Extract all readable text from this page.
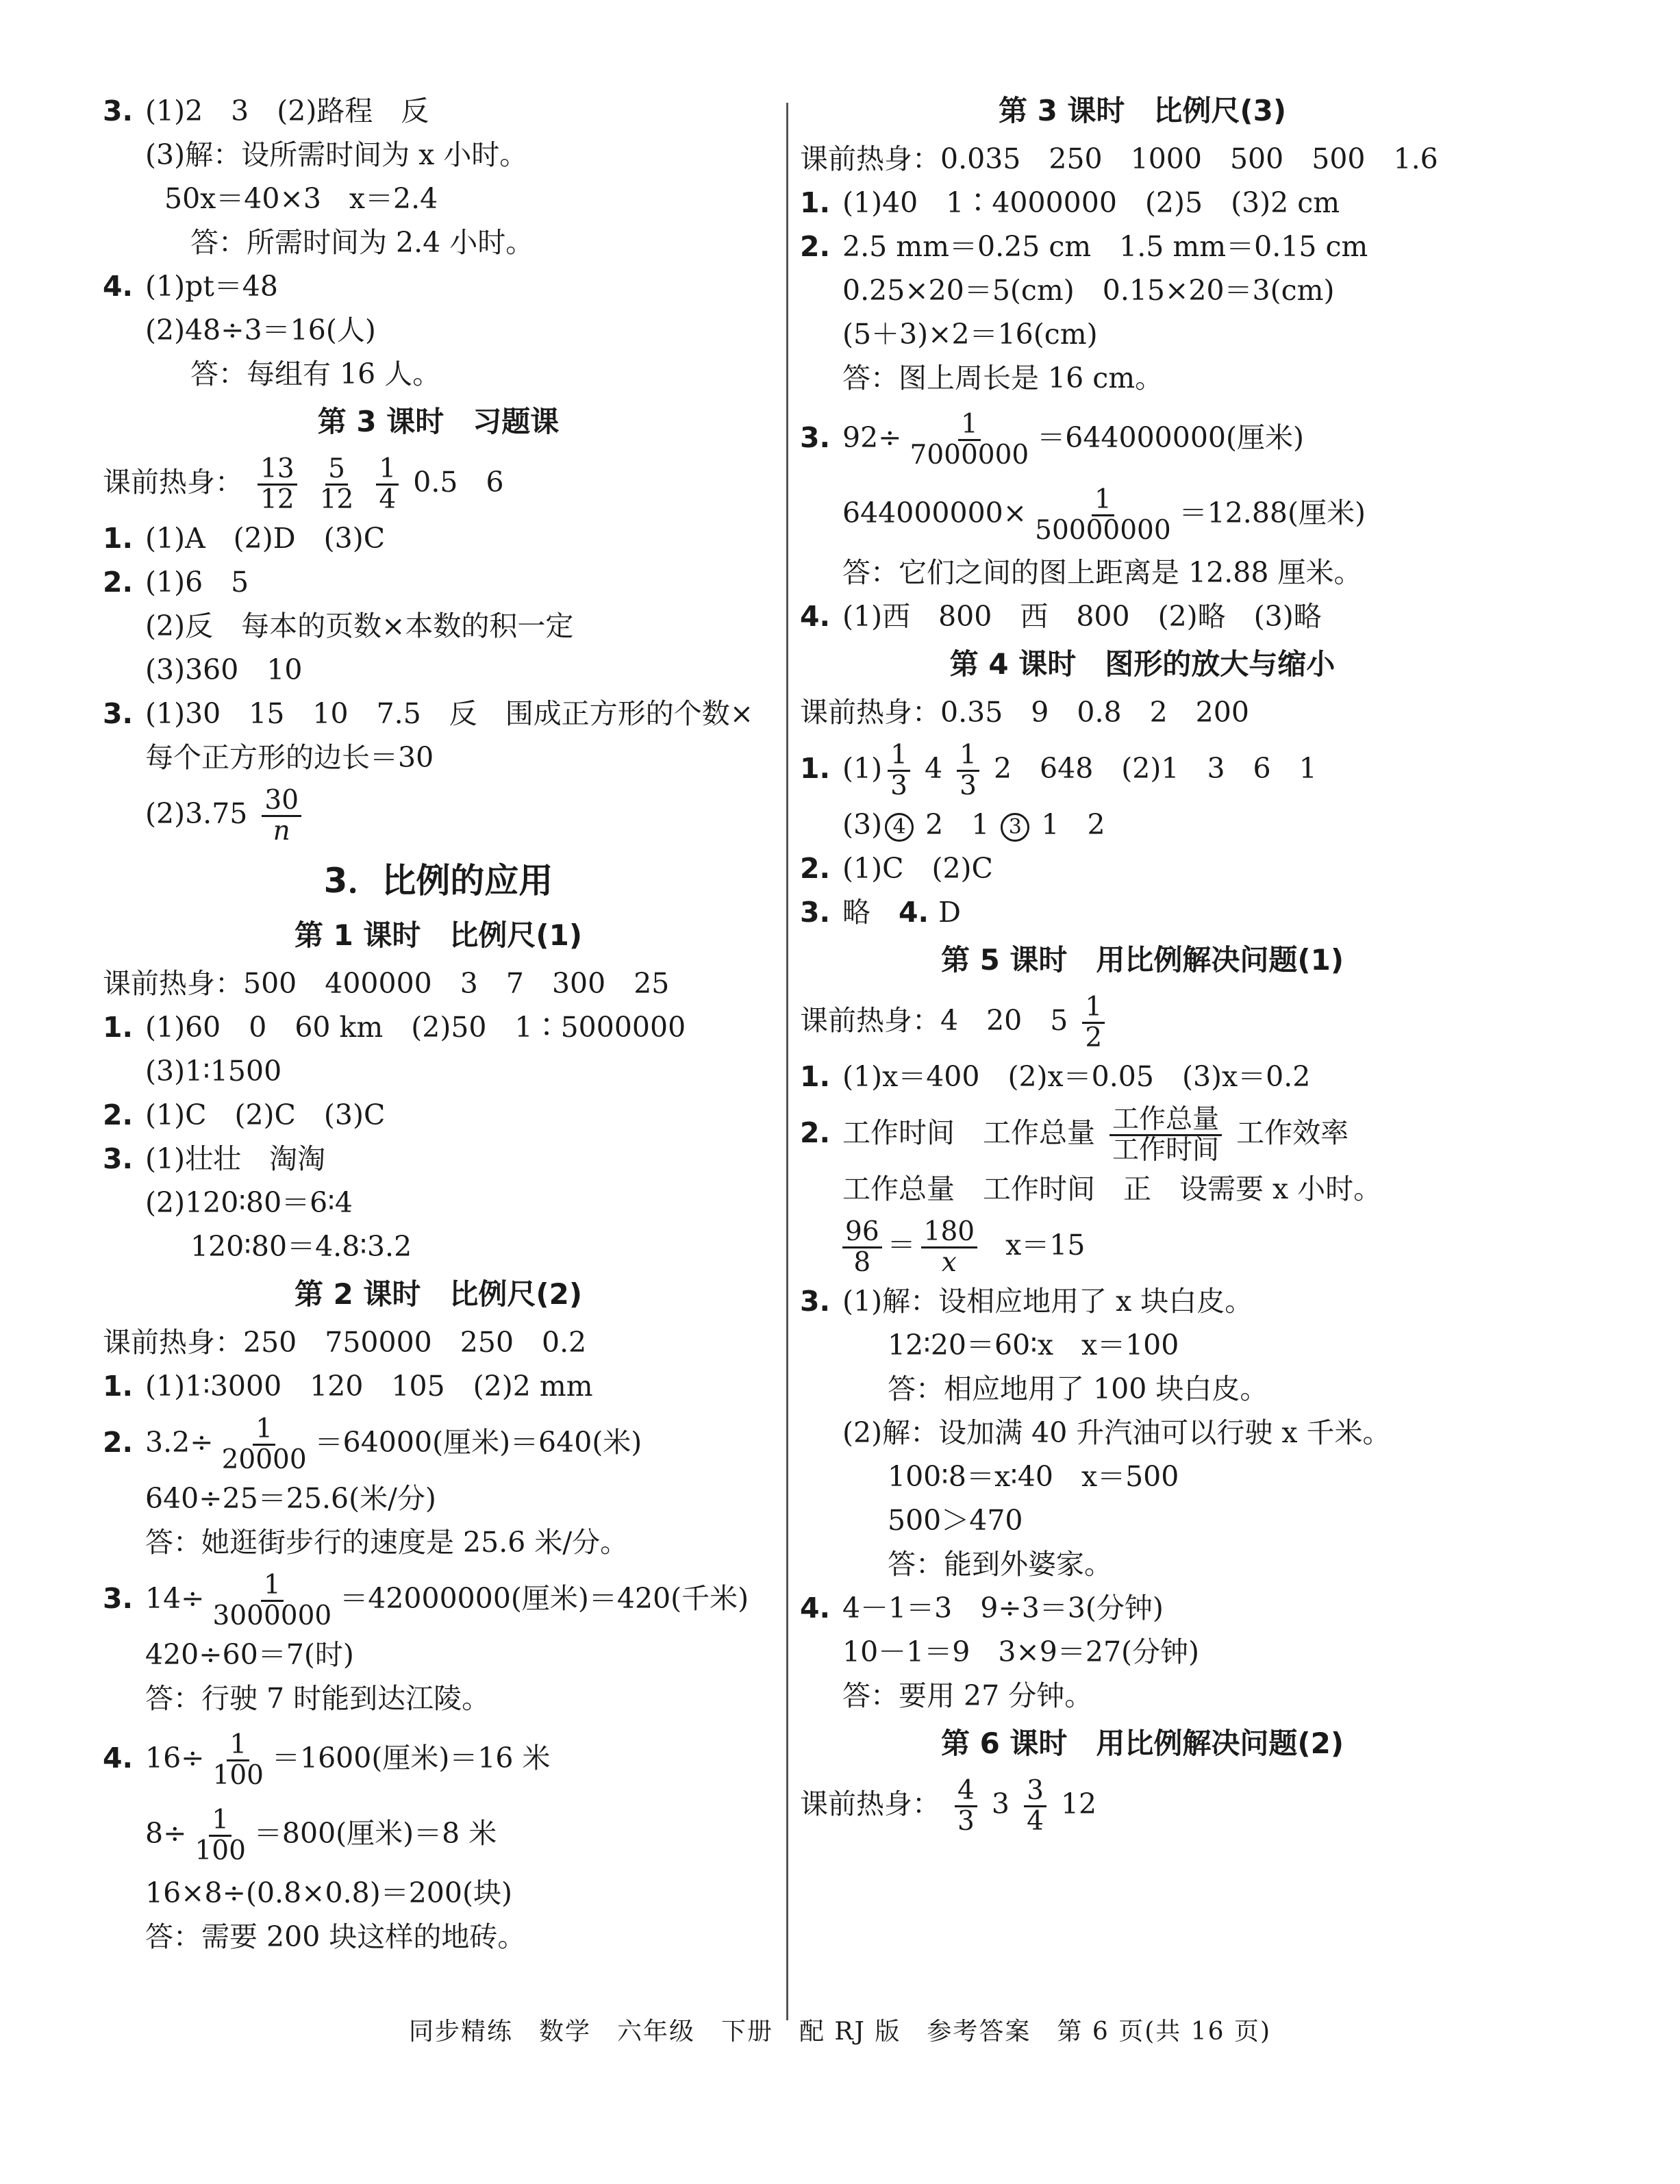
3. (1)2　3　(2)路程　反
(3)解：设所需时间为 x 小时。
50x＝40×3　x＝2.4
答：所需时间为 2.4 小时。
4. (1)pt＝48
(2)48÷3＝16(人)
答：每组有 16 人。
第 3 课时　习题课
课前热身： $\frac{13}{12}$
$\frac{5}{12}$
$\frac{1}{4} 0.5$　6
1. (1)A　(2)D　(3)C
2. (1)6　5
(2)反　每本的页数×本数的积一定
(3)360　10
3. (1)30　15　10　7.5　反　围成正方形的个数×每个正方形的边长＝30
$(2)3.75 \frac{30}{n}$
3．比例的应用
第 1 课时　比例尺(1)
课前热身：500　400000　3　7　300　25
1. (1)60　0　60 km　(2)50　1∶5000000
(3)1∶1500
2. (1)C　(2)C　(3)C
3. (1)壮壮　淘淘
(2)120∶80＝6∶4
120∶80＝4.8∶3.2
第 2 课时　比例尺(2)
课前热身：250　750000　250　0.2
1. (1)1∶3000　120　105　(2)2 mm
2. $3.2\div \frac{1}{20000} =64000$(厘米)＝640(米)
640÷25＝25.6(米/分)
答：她逛街步行的速度是 25.6 米/分。
3. $14\div \frac{1}{3000000} =42000000$(厘米)＝420(千米)
420÷60＝7(时)
答：行驶 7 时能到达江陵。
4. $16\div \frac{1}{100} =1600$(厘米)＝16 米
$8\div \frac{1}{100} =800$(厘米)＝8 米
16×8÷(0.8×0.8)＝200(块)
答：需要 200 块这样的地砖。
第 3 课时　比例尺(3)
课前热身：0.035　250　1000　500　500　1.6
1. (1)40　1∶4000000　(2)5　(3)2 cm
2. 2.5 mm＝0.25 cm　1.5 mm＝0.15 cm
0.25×20＝5(cm)　0.15×20＝3(cm)
(5＋3)×2＝16(cm)
答：图上周长是 16 cm。
3. $92\div \frac{1}{7000000} =644000000$(厘米)
$644000000\times \frac{1}{50000000} =12.88$(厘米)
答：它们之间的图上距离是 12.88 厘米。
4. (1)西　800　西　800　(2)略　(3)略
第 4 课时　图形的放大与缩小
课前热身：0.35　9　0.8　2　200
1. $(1) \frac{1}{3} 4 \frac{1}{3} 2$　648　(2)1　3　6　1
(3) 4 2　1 3 1　2
2. (1)C　(2)C
3. 略　 4. D
第 5 课时　用比例解决问题(1)
课前热身：4　20　$5 \frac{1}{2}$
1. (1)x＝400　(2)x＝0.05　(3)x＝0.2
2. 工作时间　工作总量 $\frac{\text{工作总量}}{\text{工作时间}}$ 工作效率
工作总量　工作时间　正　设需要 x 小时。
$\frac{96}{8} = \frac{180}{x} x=15$
3. (1)解：设相应地用了 x 块白皮。
12∶20＝60∶x　x＝100
答：相应地用了 100 块白皮。
(2)解：设加满 40 升汽油可以行驶 x 千米。
100∶8＝x∶40　x＝500
500＞470
答：能到外婆家。
4. 4－1＝3　9÷3＝3(分钟)
10－1＝9　3×9＝27(分钟)
答：要用 27 分钟。
第 6 课时　用比例解决问题(2)
课前热身： $\frac{4}{3} 3 \frac{3}{4} 12$
同步精练　数学　六年级　下册　配 RJ 版　参考答案　第 6 页(共 16 页)
